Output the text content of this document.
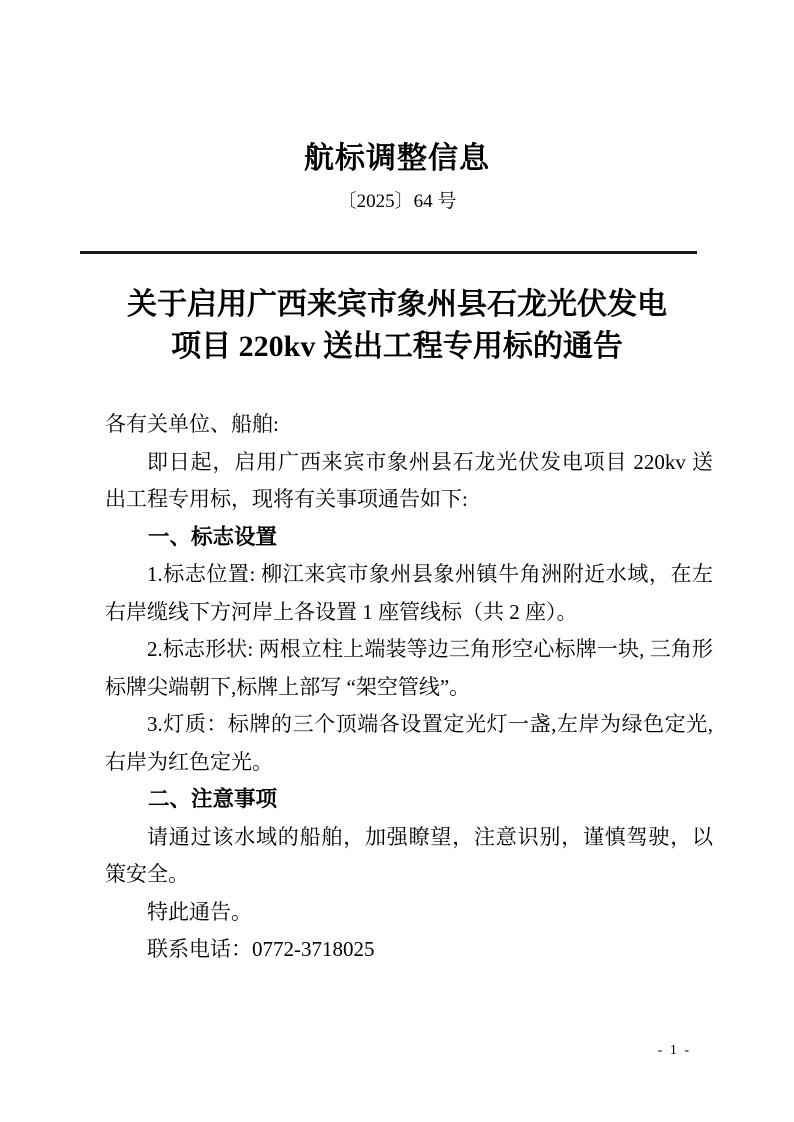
航标调整信息
〔2025〕64 号
关于启用广西来宾市象州县石龙光伏发电
项目 220kv 送出工程专用标的通告

各有关单位、船舶:

即日起，启用广西来宾市象州县石龙光伏发电项目 220kv 送出工程专用标，现将有关事项通告如下:

一、标志设置

1.标志位置: 柳江来宾市象州县象州镇牛角洲附近水域，在左右岸缆线下方河岸上各设置 1 座管线标（共 2 座）。

2.标志形状: 两根立柱上端装等边三角形空心标牌一块, 三角形标牌尖端朝下,标牌上部写 “架空管线”。

3.灯质：标牌的三个顶端各设置定光灯一盏,左岸为绿色定光,右岸为红色定光。

二、注意事项

请通过该水域的船舶，加强瞭望，注意识别，谨慎驾驶，以策安全。

特此通告。

联系电话：0772-3718025

- 1 -
